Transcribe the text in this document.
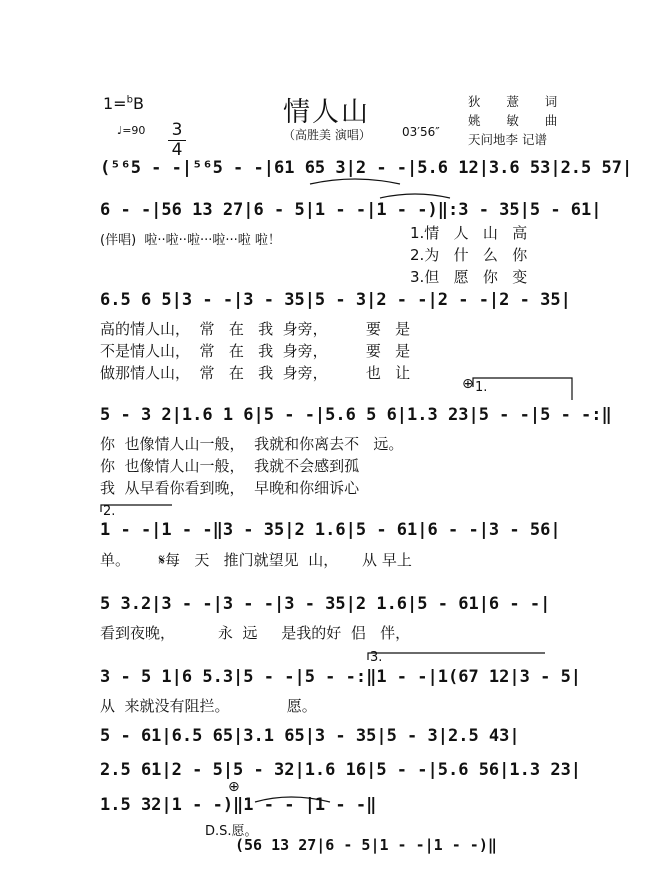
1=$^b$B

3
4

♩=90
情人山
（高胜美 演唱）	03′56″
狄    薏    词
姚    敏    曲
天问地李 记谱
(⁵⁶5 - -|⁵⁶5 - -|61 65 3|2 - -|5.6 12|3.6 53|2.5 57|
6 - -|56 13 27|6 - 5|1 - -|1 - -)‖:3 - 35|5 - 61|
(伴唱)  啦··啦··啦···啦···啦 啦！	1.情   人   山   高
2.为   什   么   你
3.但   愿   你   变
6.5 6 5|3 - -|3 - 35|5 - 3|2 - -|2 - -|2 - 35|
高的情人山，  常   在   我  身旁，        要   是
不是情人山，  常   在   我  身旁，        要   是
做那情人山，  常   在   我  身旁，        也   让
5 - 3 2|1.6 1 6|5 - -|5.6 5 6|1.3 23|5 - -|5 - -:‖
你  也像情人山一般，  我就和你离去不   远。
你  也像情人山一般，  我就不会感到孤
我  从早看你看到晚，  早晚和你细诉心
1 - -|1 - -‖3 - 35|2 1.6|5 - 61|6 - -|3 - 56|
单。      𝄋每   天   推门就望见  山，     从 早上
5 3.2|3 - -|3 - -|3 - 35|2 1.6|5 - 61|6 - -|
看到夜晚，         永  远     是我的好  侣   伴，
3 - 5 1|6 5.3|5 - -|5 - -:‖1 - -|1(67 12|3 - 5|
从  来就没有阻拦。            愿。
5 - 61|6.5 65|3.1 65|3 - 35|5 - 3|2.5 43|
2.5 61|2 - 5|5 - 32|1.6 16|5 - -|5.6 56|1.3 23|
1.5 32|1 - -)‖1 - - |1 - -‖
D.S.愿。
(56 13 27|6 - 5|1 - -|1 - -)‖
1.
⊕
2.
3.
⊕
